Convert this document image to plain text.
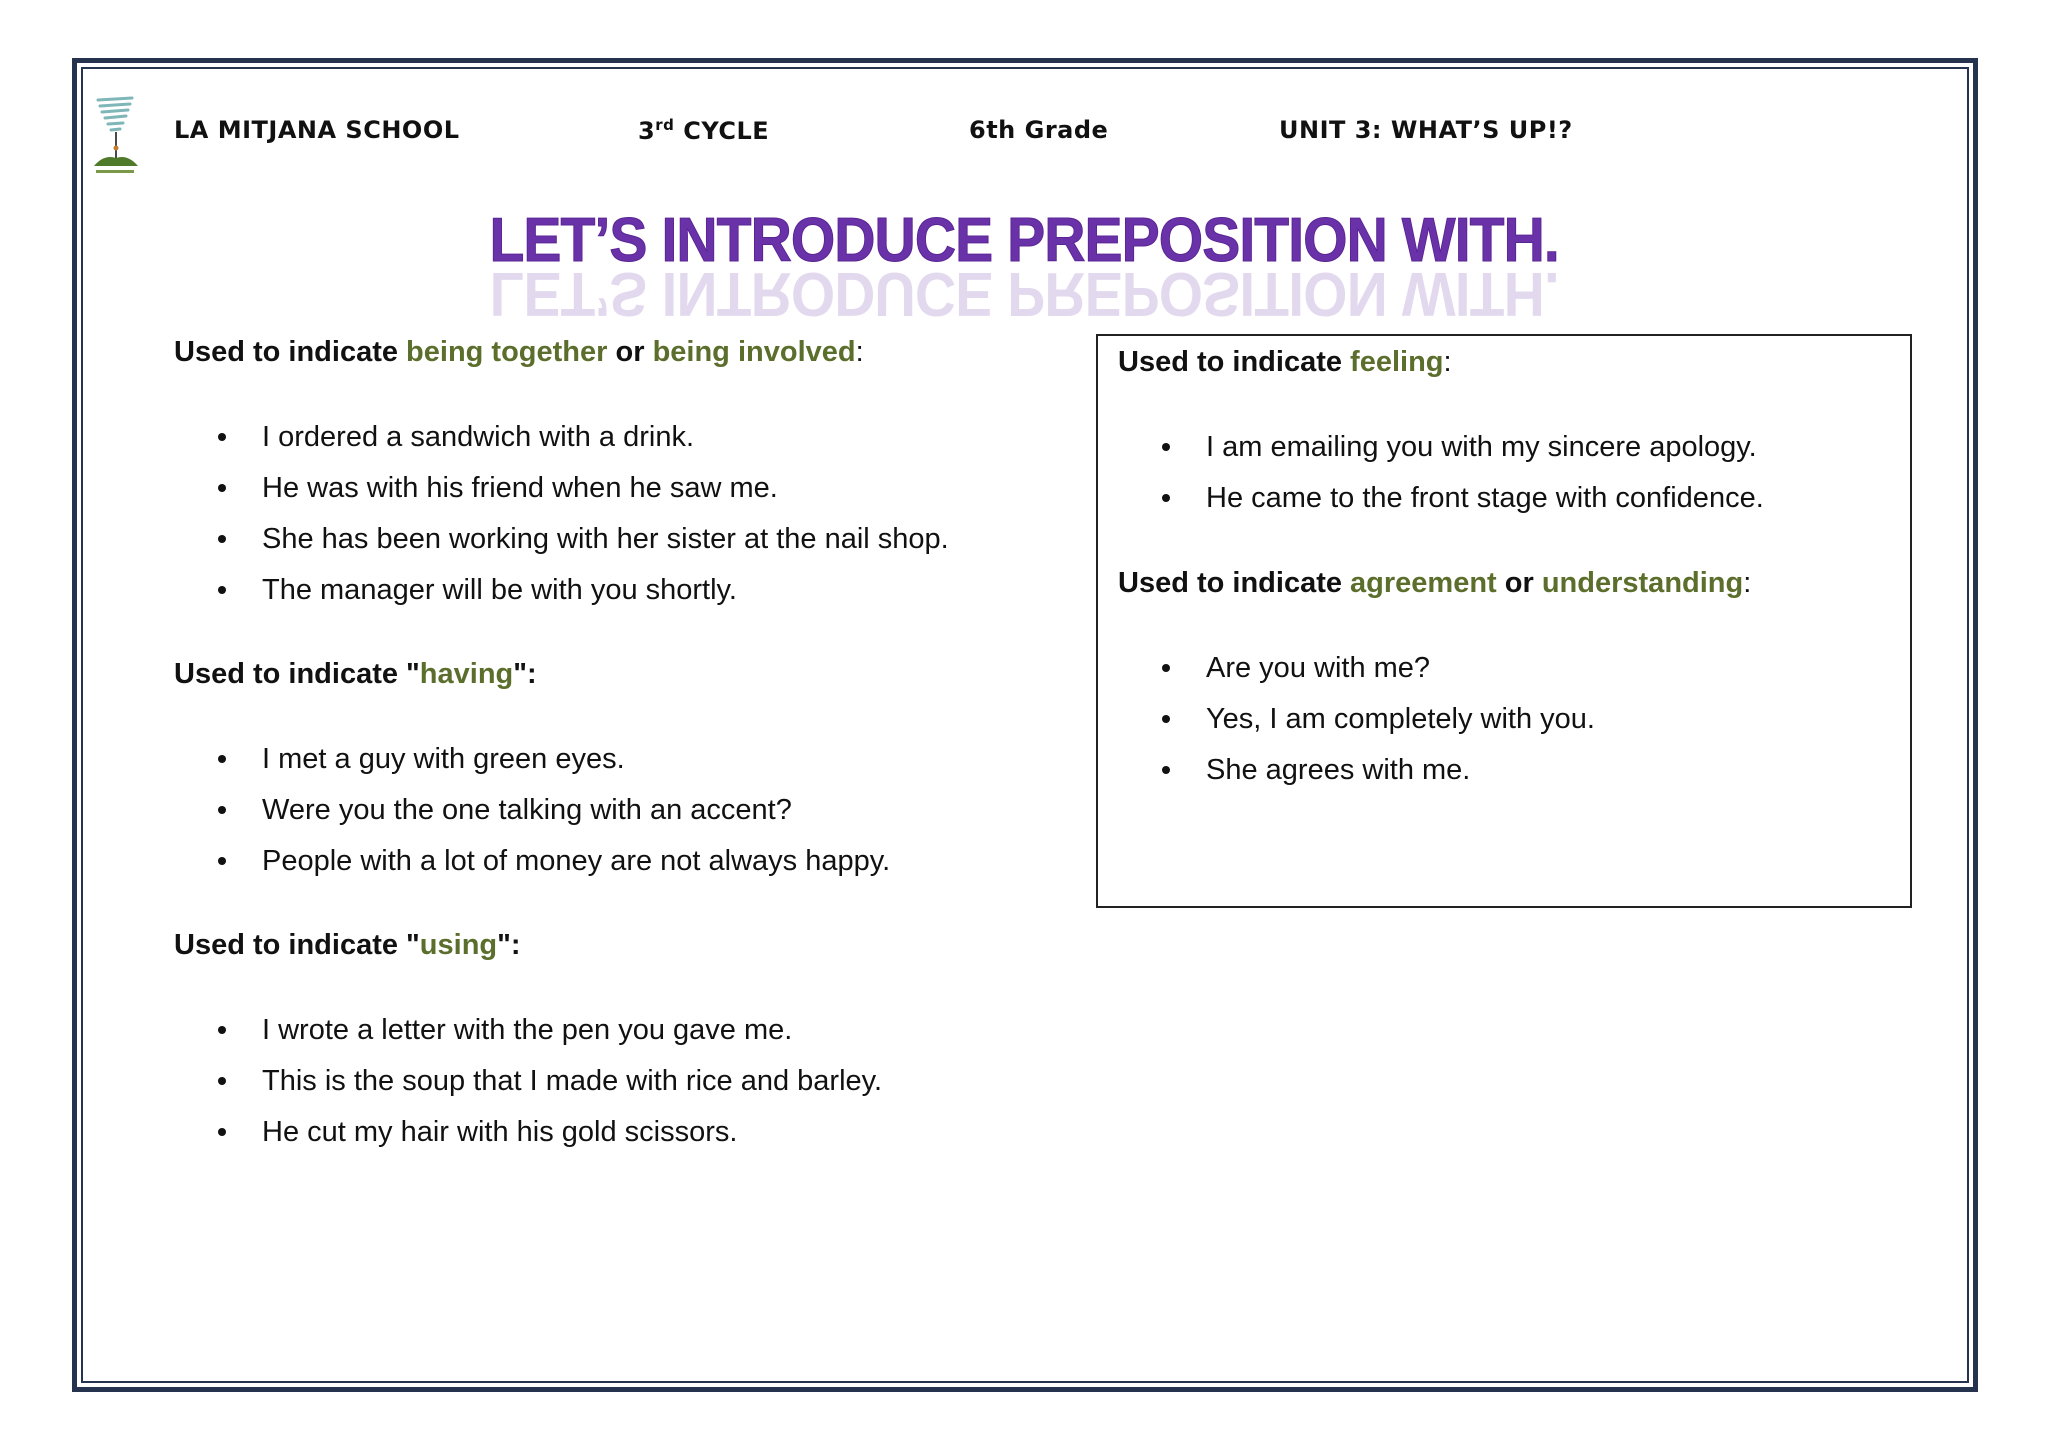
LA MITJANA SCHOOL	3rd CYCLE	6th Grade	UNIT 3: WHAT’S UP!?
LET’S INTRODUCE PREPOSITION WITH.
LET’S INTRODUCE PREPOSITION WITH.
Used to indicate being together or being involved:
I ordered a sandwich with a drink.
He was with his friend when he saw me.
She has been working with her sister at the nail shop.
The manager will be with you shortly.
Used to indicate "having":
I met a guy with green eyes.
Were you the one talking with an accent?
People with a lot of money are not always happy.
Used to indicate "using":
I wrote a letter with the pen you gave me.
This is the soup that I made with rice and barley.
He cut my hair with his gold scissors.
Used to indicate feeling:
I am emailing you with my sincere apology.
He came to the front stage with confidence.
Used to indicate agreement or understanding:
Are you with me?
Yes, I am completely with you.
She agrees with me.
